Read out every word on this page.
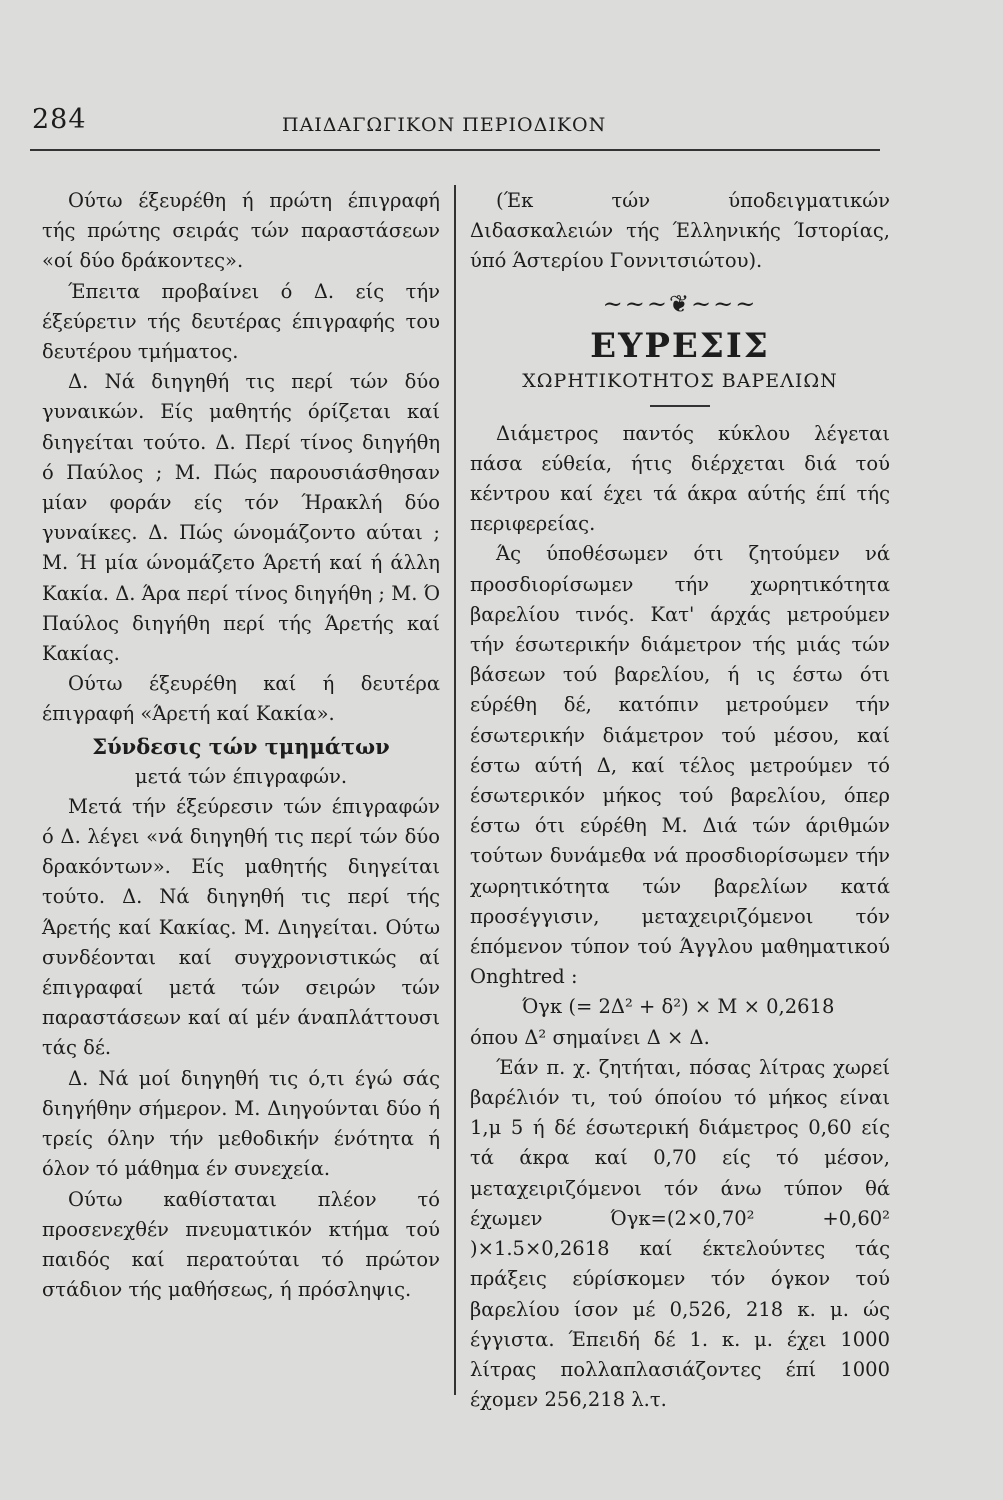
284	ΠΑΙΔΑΓΩΓΙΚΟΝ ΠΕΡΙΟΔΙΚΟΝ

Ούτω έξευρέθη ή πρώτη έπιγραφή τής πρώτης σειράς τών παραστάσεων «οί δύο δράκοντες».

Έπειτα προβαίνει ό Δ. είς τήν έξεύρετιν τής δευτέρας έπιγραφής του δευτέρου τμήματος.

Δ. Νά διηγηθή τις περί τών δύο γυναικών. Είς μαθητής όρίζεται καί διηγείται τούτο. Δ. Περί τίνος διηγήθη ό Παύλος ; Μ. Πώς παρουσιάσθησαν μίαν φοράν είς τόν Ήρακλή δύο γυναίκες. Δ. Πώς ώνομάζοντο αύται ; Μ. Ή μία ώνομάζετο Άρετή καί ή άλλη Κακία. Δ. Άρα περί τίνος διηγήθη ; Μ. Ό Παύλος διηγήθη περί τής Άρετής καί Κακίας.

Ούτω έξευρέθη καί ή δευτέρα έπιγραφή «Άρετή καί Κακία».

Σύνδεσις τών τμημάτων
μετά τών έπιγραφών.

Μετά τήν έξεύρεσιν τών έπιγραφών ό Δ. λέγει «νά διηγηθή τις περί τών δύο δρακόντων». Είς μαθητής διηγείται τούτο. Δ. Νά διηγηθή τις περί τής Άρετής καί Κακίας. Μ. Διηγείται. Ούτω συνδέονται καί συγχρονιστικώς αί έπιγραφαί μετά τών σειρών τών παραστάσεων καί αί μέν άναπλάττουσι τάς δέ.

Δ. Νά μοί διηγηθή τις ό,τι έγώ σάς διηγήθην σήμερον. Μ. Διηγούνται δύο ή τρείς όλην τήν μεθοδικήν ένότητα ή όλον τό μάθημα έν συνεχεία.

Ούτω καθίσταται πλέον τό προσενεχθέν πνευματικόν κτήμα τού παιδός καί περατούται τό πρώτον στάδιον τής μαθήσεως, ή πρόσληψις.

(Έκ τών ύποδειγματικών Διδασκαλειών τής Έλληνικής Ίστορίας, ύπό Άστερίου Γοννιτσιώτου).

~~~❦~~~
ΕΥΡΕΣΙΣ
ΧΩΡΗΤΙΚΟΤΗΤΟΣ ΒΑΡΕΛΙΩΝ

Διάμετρος παντός κύκλου λέγεται πάσα εύθεία, ήτις διέρχεται διά τού κέντρου καί έχει τά άκρα αύτής έπί τής περιφερείας.

Άς ύποθέσωμεν ότι ζητούμεν νά προσδιορίσωμεν τήν χωρητικότητα βαρελίου τινός. Κατ' άρχάς μετρούμεν τήν έσωτερικήν διάμετρον τής μιάς τών βάσεων τού βαρελίου, ή ις έστω ότι εύρέθη δέ, κατόπιν μετρούμεν τήν έσωτερικήν διάμετρον τού μέσου, καί έστω αύτή Δ, καί τέλος μετρούμεν τό έσωτερικόν μήκος τού βαρελίου, όπερ έστω ότι εύρέθη Μ. Διά τών άριθμών τούτων δυνάμεθα νά προσδιορίσωμεν τήν χωρητικότητα τών βαρελίων κατά προσέγγισιν, μεταχειριζόμενοι τόν έπόμενον τύπον τού Άγγλου μαθηματικού Onghtred :

Όγκ (= 2Δ² + δ²) × Μ × 0,2618

όπου Δ² σημαίνει Δ × Δ.

Έάν π. χ. ζητήται, πόσας λίτρας χωρεί βαρέλιόν τι, τού όποίου τό μήκος είναι 1,μ 5 ή δέ έσωτερική διάμετρος 0,60 είς τά άκρα καί 0,70 είς τό μέσον, μεταχειριζόμενοι τόν άνω τύπον θά έχωμεν Όγκ=(2×0,70² +0,60² )×1.5×0,2618 καί έκτελούντες τάς πράξεις εύρίσκομεν τόν όγκον τού βαρελίου ίσον μέ 0,526, 218 κ. μ. ώς έγγιστα. Έπειδή δέ 1. κ. μ. έχει 1000 λίτρας πολλαπλασιάζοντες έπί 1000 έχομεν 256,218 λ.τ.
